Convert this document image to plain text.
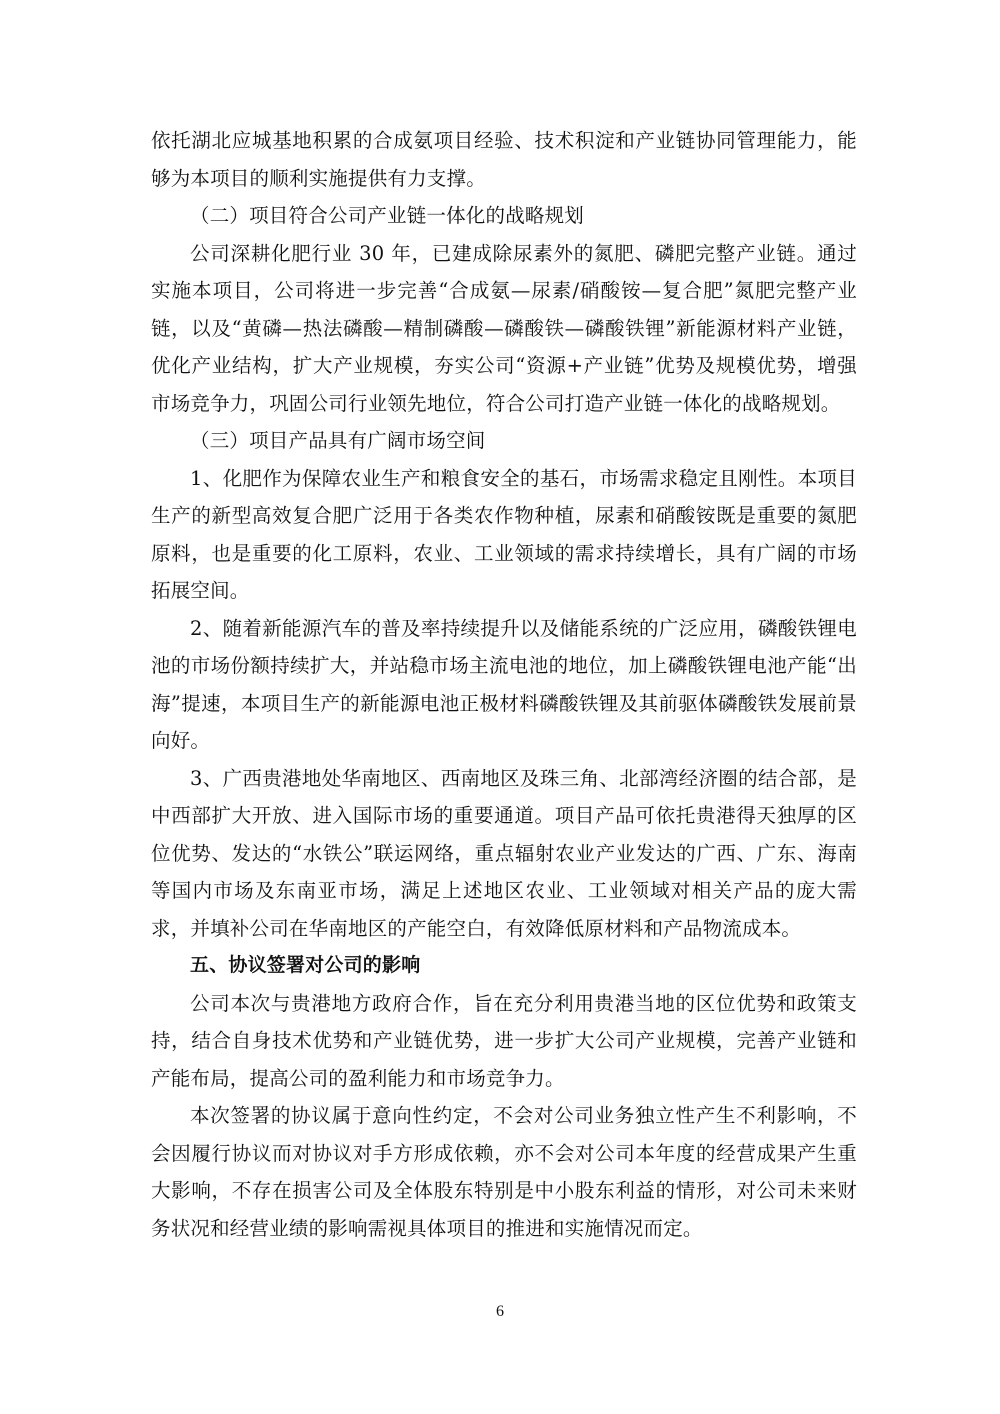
依托湖北应城基地积累的合成氨项目经验、技术积淀和产业链协同管理能力，能够为本项目的顺利实施提供有力支撑。

（二）项目符合公司产业链一体化的战略规划

公司深耕化肥行业 30 年，已建成除尿素外的氮肥、磷肥完整产业链。通过实施本项目，公司将进一步完善“合成氨—尿素/硝酸铵—复合肥”氮肥完整产业链，以及“黄磷—热法磷酸—精制磷酸—磷酸铁—磷酸铁锂”新能源材料产业链，优化产业结构，扩大产业规模，夯实公司“资源+产业链”优势及规模优势，增强市场竞争力，巩固公司行业领先地位，符合公司打造产业链一体化的战略规划。

（三）项目产品具有广阔市场空间

1、化肥作为保障农业生产和粮食安全的基石，市场需求稳定且刚性。本项目生产的新型高效复合肥广泛用于各类农作物种植，尿素和硝酸铵既是重要的氮肥原料，也是重要的化工原料，农业、工业领域的需求持续增长，具有广阔的市场拓展空间。

2、随着新能源汽车的普及率持续提升以及储能系统的广泛应用，磷酸铁锂电池的市场份额持续扩大，并站稳市场主流电池的地位，加上磷酸铁锂电池产能“出海”提速，本项目生产的新能源电池正极材料磷酸铁锂及其前驱体磷酸铁发展前景向好。

3、广西贵港地处华南地区、西南地区及珠三角、北部湾经济圈的结合部，是中西部扩大开放、进入国际市场的重要通道。项目产品可依托贵港得天独厚的区位优势、发达的“水铁公”联运网络，重点辐射农业产业发达的广西、广东、海南等国内市场及东南亚市场，满足上述地区农业、工业领域对相关产品的庞大需求，并填补公司在华南地区的产能空白，有效降低原材料和产品物流成本。

五、协议签署对公司的影响

公司本次与贵港地方政府合作，旨在充分利用贵港当地的区位优势和政策支持，结合自身技术优势和产业链优势，进一步扩大公司产业规模，完善产业链和产能布局，提高公司的盈利能力和市场竞争力。

本次签署的协议属于意向性约定，不会对公司业务独立性产生不利影响，不会因履行协议而对协议对手方形成依赖，亦不会对公司本年度的经营成果产生重大影响，不存在损害公司及全体股东特别是中小股东利益的情形，对公司未来财务状况和经营业绩的影响需视具体项目的推进和实施情况而定。

6
